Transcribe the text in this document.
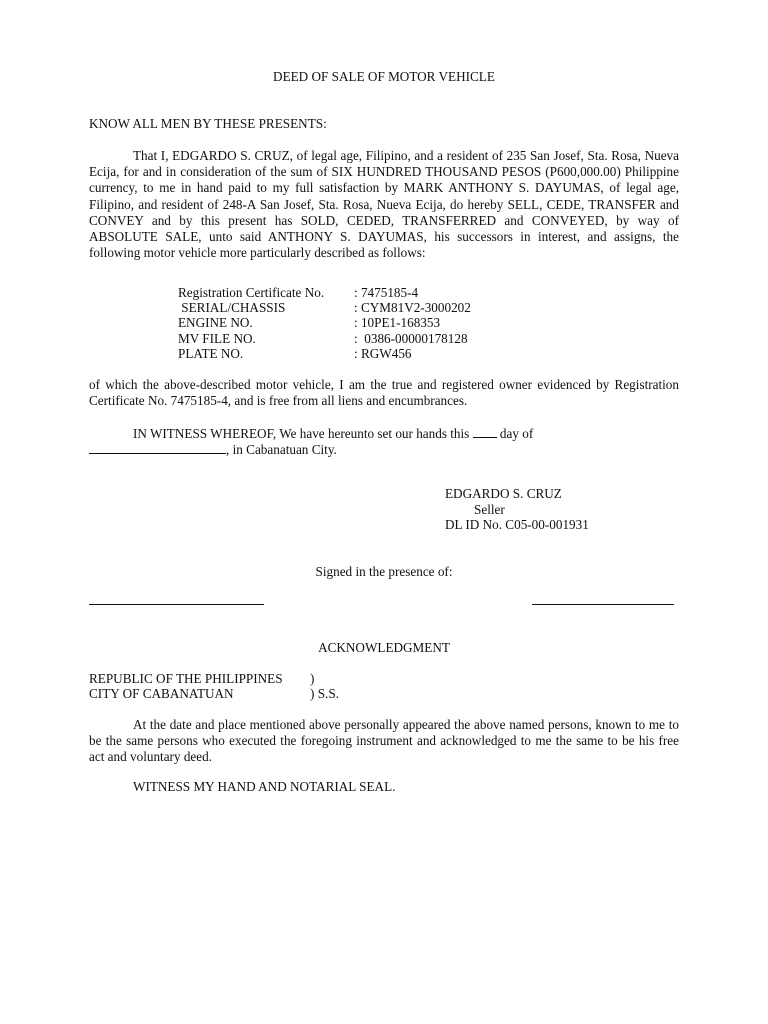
DEED OF SALE OF MOTOR VEHICLE
KNOW ALL MEN BY THESE PRESENTS:
That I, EDGARDO S. CRUZ, of legal age, Filipino, and a resident of 235 San Josef, Sta. Rosa, Nueva Ecija, for and in consideration of the sum of SIX HUNDRED THOUSAND PESOS (P600,000.00) Philippine currency, to me in hand paid to my full satisfaction by MARK ANTHONY S. DAYUMAS, of legal age, Filipino, and resident of 248-A San Josef, Sta. Rosa, Nueva Ecija, do hereby SELL, CEDE, TRANSFER and CONVEY and by this present has SOLD, CEDED, TRANSFERRED and CONVEYED, by way of ABSOLUTE SALE, unto said ANTHONY S. DAYUMAS, his successors in interest, and assigns, the following motor vehicle more particularly described as follows:
Registration Certificate No. : 7475185-4
SERIAL/CHASSIS	: CYM81V2-3000202
ENGINE NO.	: 10PE1-168353
MV FILE NO.	:  0386-00000178128
PLATE NO.	: RGW456
of which the above-described motor vehicle, I am the true and registered owner evidenced by Registration Certificate No. 7475185-4, and is free from all liens and encumbrances.
IN WITNESS WHEREOF, We have hereunto set our hands this day of
, in Cabanatuan City.
EDGARDO S. CRUZ
Seller
DL ID No. C05-00-001931
Signed in the presence of:
ACKNOWLEDGMENT
REPUBLIC OF THE PHILIPPINES )
CITY OF CABANATUAN	) S.S.
At the date and place mentioned above personally appeared the above named persons, known to me to be the same persons who executed the foregoing instrument and acknowledged to me the same to be his free act and voluntary deed.
WITNESS MY HAND AND NOTARIAL SEAL.
